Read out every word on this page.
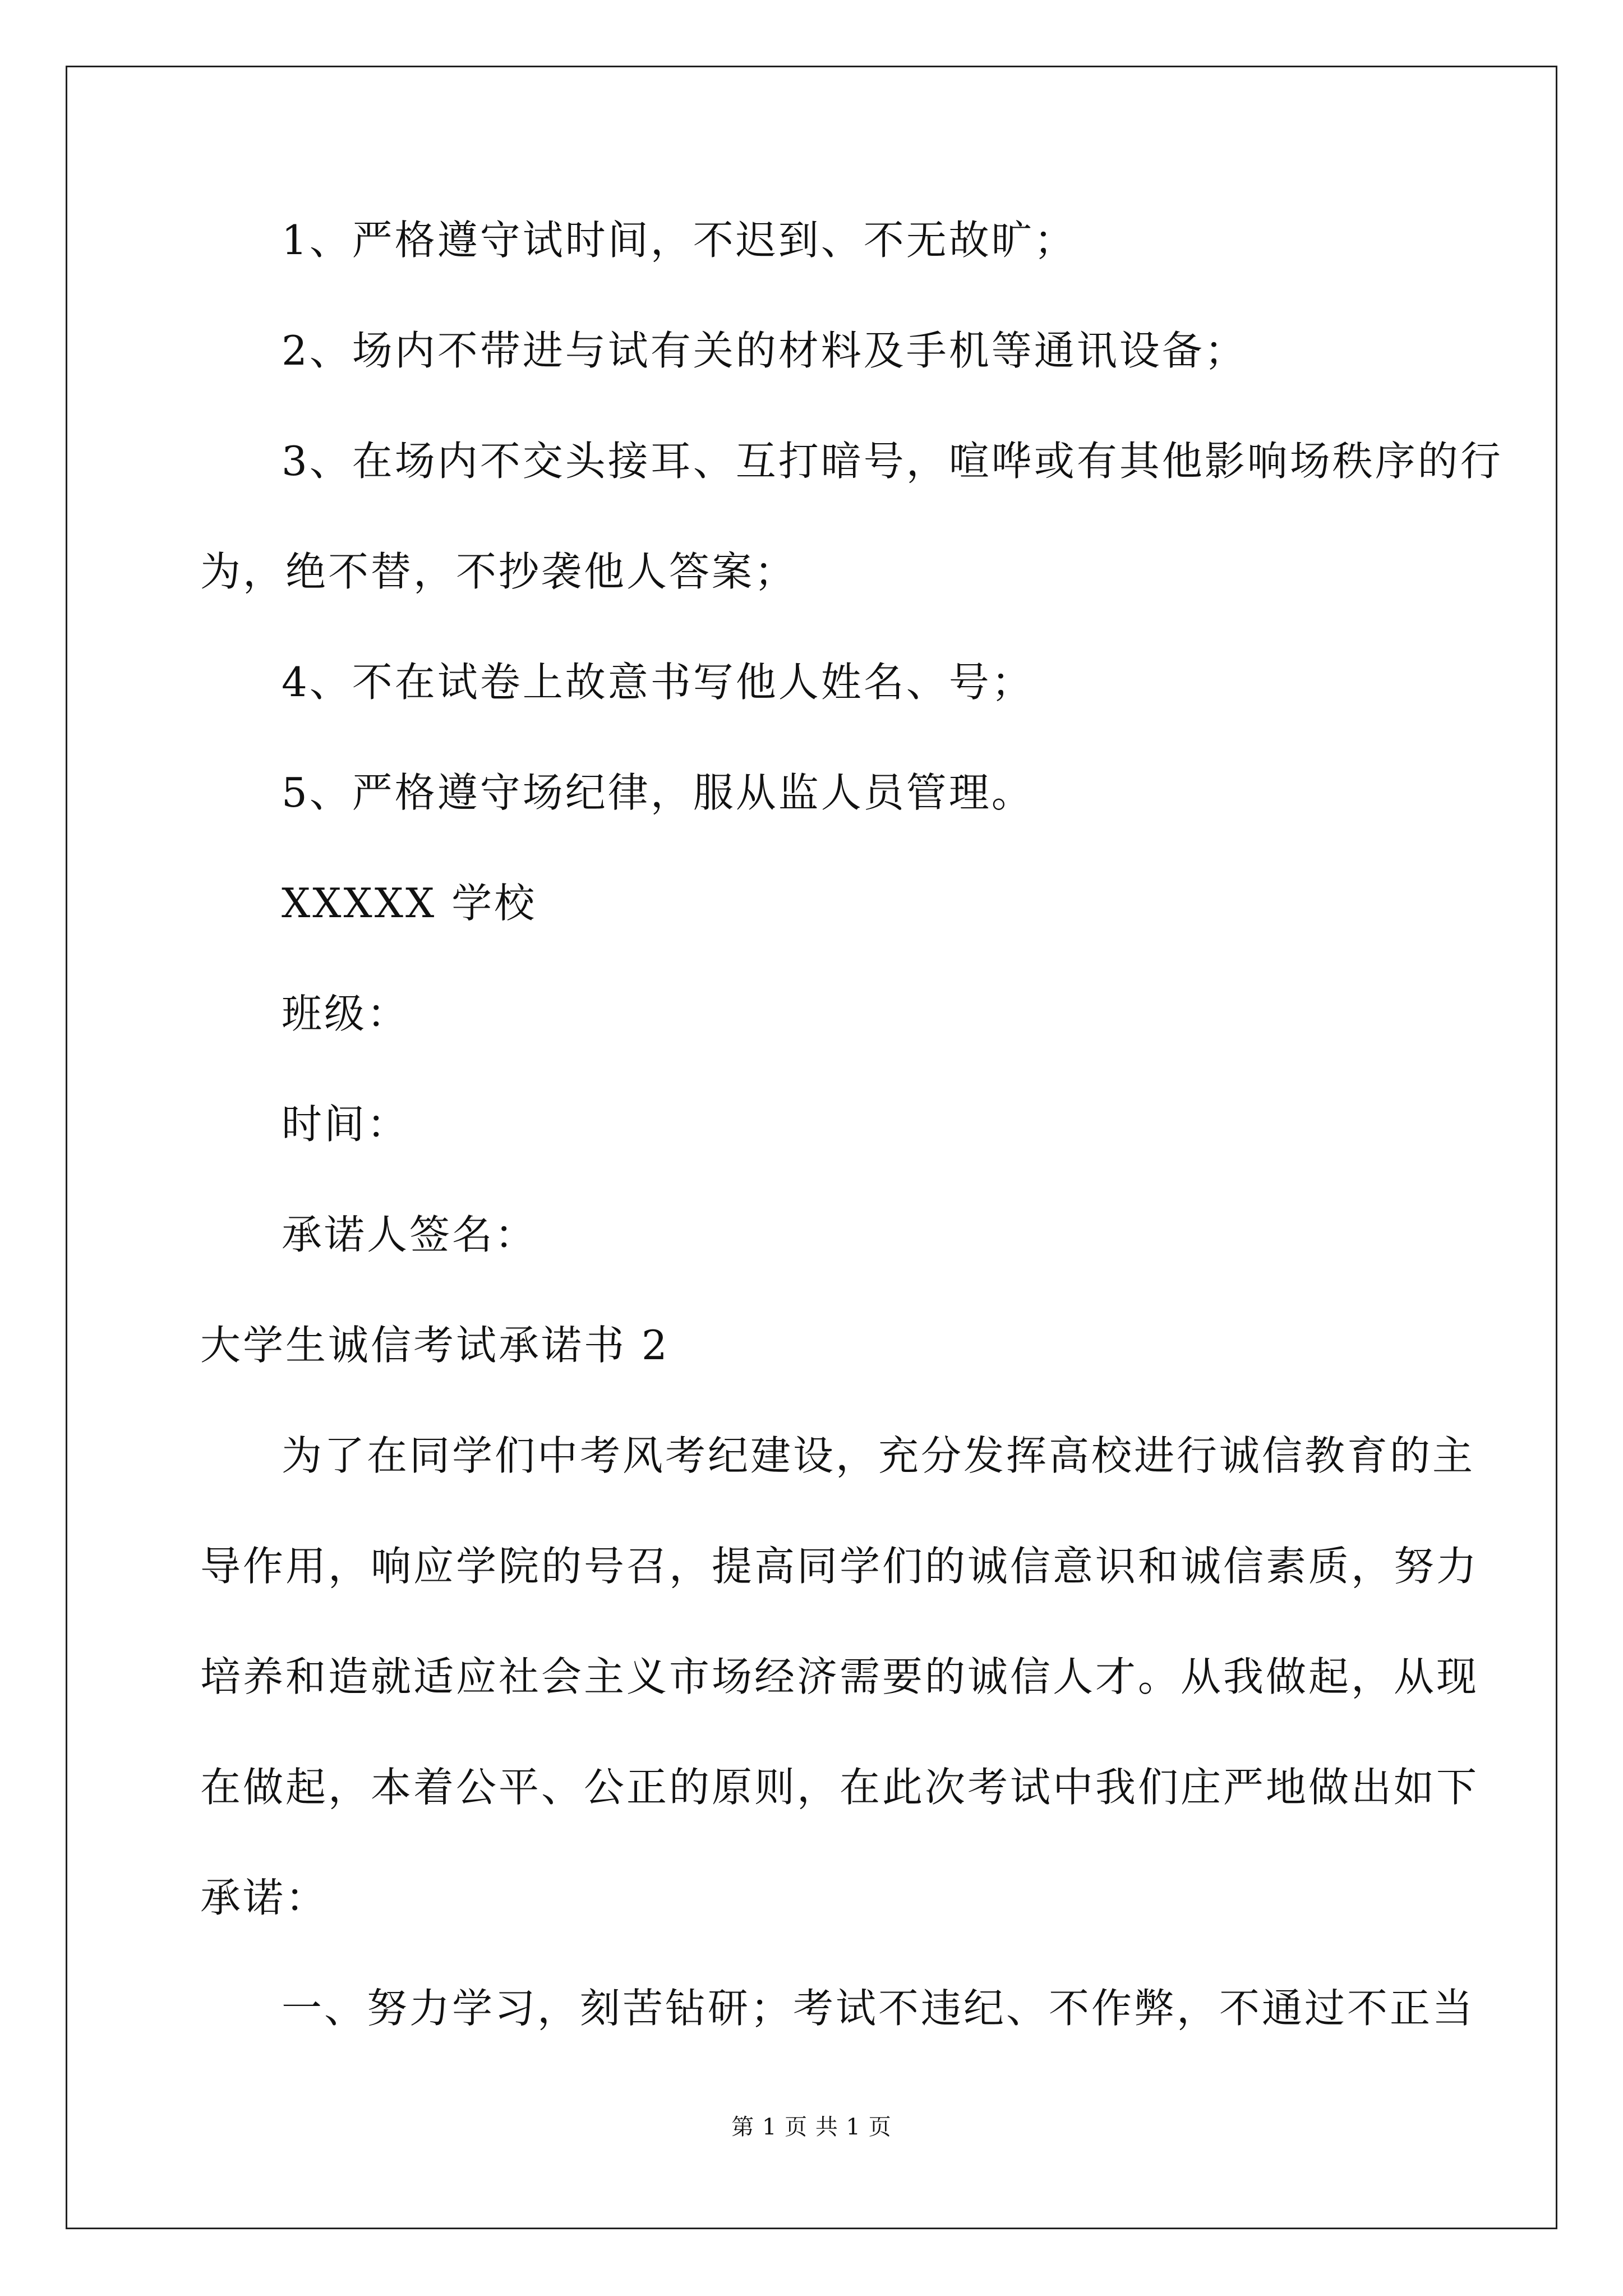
1、严格遵守试时间，不迟到、不无故旷；
2、场内不带进与试有关的材料及手机等通讯设备；
3、在场内不交头接耳、互打暗号，喧哗或有其他影响场秩序的行
为，绝不替，不抄袭他人答案；
4、不在试卷上故意书写他人姓名、号；
5、严格遵守场纪律，服从监人员管理。
XXXXX 学校
班级：
时间：
承诺人签名：
大学生诚信考试承诺书 2
为了在同学们中考风考纪建设，充分发挥高校进行诚信教育的主
导作用，响应学院的号召，提高同学们的诚信意识和诚信素质，努力
培养和造就适应社会主义市场经济需要的诚信人才。从我做起，从现
在做起，本着公平、公正的原则，在此次考试中我们庄严地做出如下
承诺：
一、努力学习，刻苦钻研；考试不违纪、不作弊，不通过不正当
第 1 页 共 1 页
